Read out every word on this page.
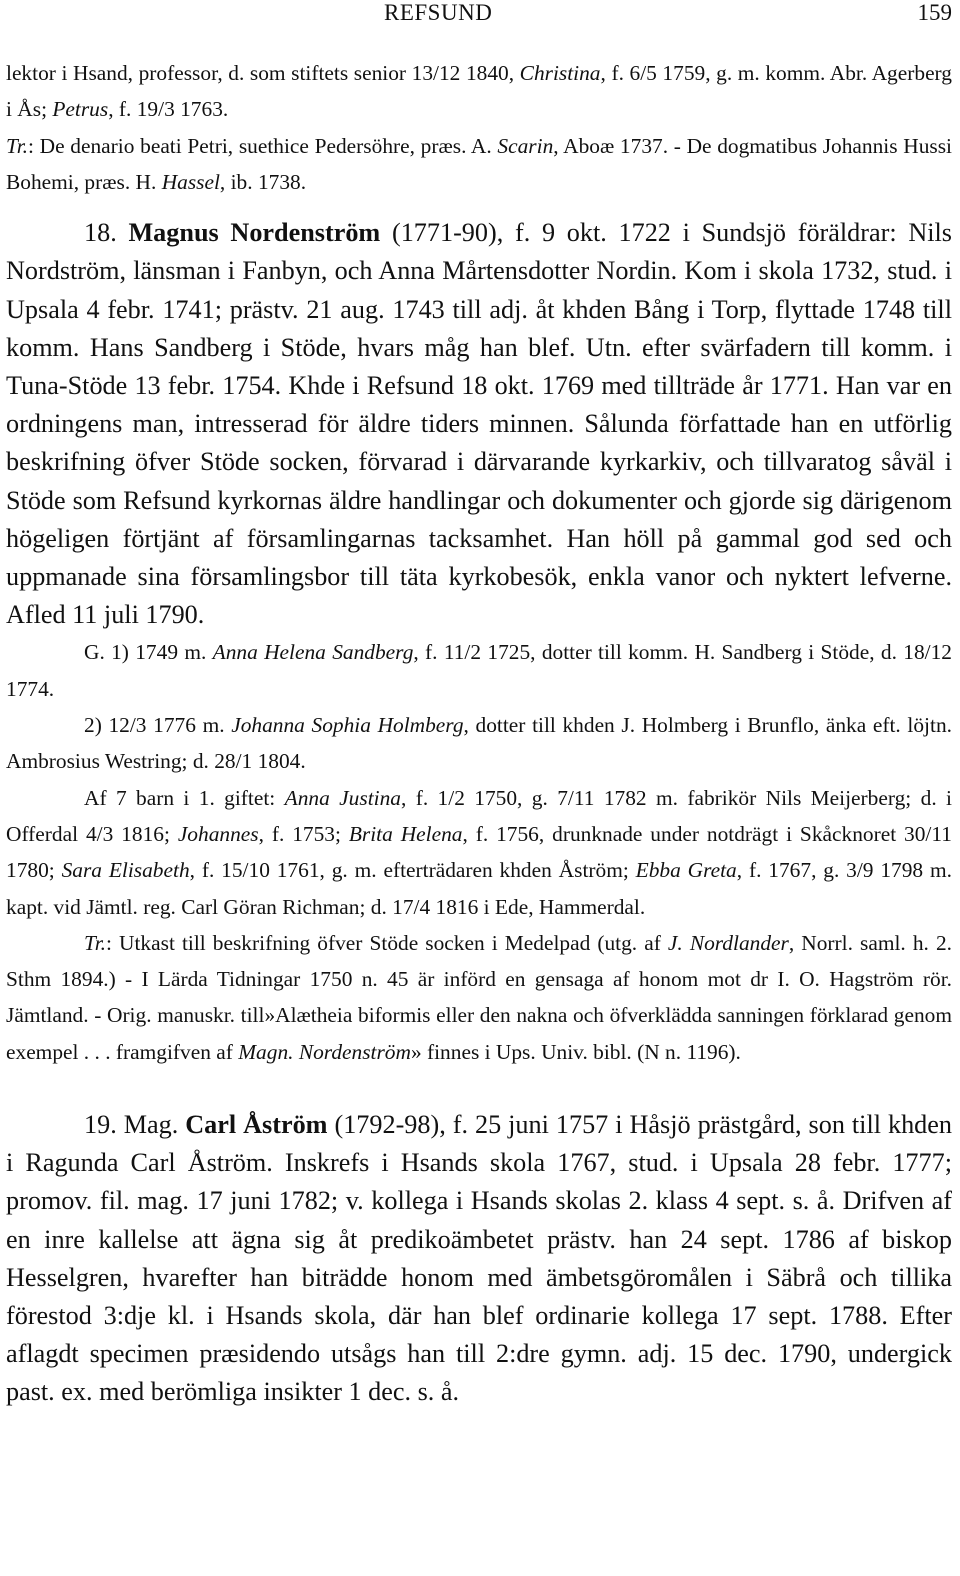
REFSUND	159

lektor i Hsand, professor, d. som stiftets senior 13/12 1840, Christina, f. 6/5 1759, g. m. komm. Abr. Agerberg i Ås; Petrus, f. 19/3 1763.

Tr.: De denario beati Petri, suethice Pedersöhre, præs. A. Scarin, Aboæ 1737. - De dogmatibus Johannis Hussi Bohemi, præs. H. Hassel, ib. 1738.

18. Magnus Nordenström (1771-90), f. 9 okt. 1722 i Sundsjö föräldrar: Nils Nordström, länsman i Fanbyn, och Anna Mårtensdotter Nordin. Kom i skola 1732, stud. i Upsala 4 febr. 1741; prästv. 21 aug. 1743 till adj. åt khden Bång i Torp, flyttade 1748 till komm. Hans Sandberg i Stöde, hvars måg han blef. Utn. efter svärfadern till komm. i Tuna-Stöde 13 febr. 1754. Khde i Refsund 18 okt. 1769 med tillträde år 1771. Han var en ordningens man, intresserad för äldre tiders minnen. Sålunda författade han en utförlig beskrifning öfver Stöde socken, förvarad i därvarande kyrkarkiv, och tillvaratog såväl i Stöde som Refsund kyrkornas äldre handlingar och dokumenter och gjorde sig därigenom högeligen förtjänt af församlingarnas tacksamhet. Han höll på gammal god sed och uppmanade sina församlingsbor till täta kyrkobesök, enkla vanor och nyktert lefverne. Afled 11 juli 1790.

G. 1) 1749 m. Anna Helena Sandberg, f. 11/2 1725, dotter till komm. H. Sandberg i Stöde, d. 18/12 1774.

2) 12/3 1776 m. Johanna Sophia Holmberg, dotter till khden J. Holmberg i Brunflo, änka eft. löjtn. Ambrosius Westring; d. 28/1 1804.

Af 7 barn i 1. giftet: Anna Justina, f. 1/2 1750, g. 7/11 1782 m. fabrikör Nils Meijerberg; d. i Offerdal 4/3 1816; Johannes, f. 1753; Brita Helena, f. 1756, drunknade under notdrägt i Skåcknoret 30/11 1780; Sara Elisabeth, f. 15/10 1761, g. m. efterträdaren khden Åström; Ebba Greta, f. 1767, g. 3/9 1798 m. kapt. vid Jämtl. reg. Carl Göran Richman; d. 17/4 1816 i Ede, Hammerdal.

Tr.: Utkast till beskrifning öfver Stöde socken i Medelpad (utg. af J. Nordlander, Norrl. saml. h. 2. Sthm 1894.) - I Lärda Tidningar 1750 n. 45 är införd en gensaga af honom mot dr I. O. Hagström rör. Jämtland. - Orig. manuskr. till»Alætheia biformis eller den nakna och öfverklädda sanningen förklarad genom exempel . . . framgifven af Magn. Nordenström» finnes i Ups. Univ. bibl. (N n. 1196).

19. Mag. Carl Åström (1792-98), f. 25 juni 1757 i Håsjö prästgård, son till khden i Ragunda Carl Åström. Inskrefs i Hsands skola 1767, stud. i Upsala 28 febr. 1777; promov. fil. mag. 17 juni 1782; v. kollega i Hsands skolas 2. klass 4 sept. s. å. Drifven af en inre kallelse att ägna sig åt predikoämbetet prästv. han 24 sept. 1786 af biskop Hesselgren, hvarefter han biträdde honom med ämbetsgöromålen i Säbrå och tillika förestod 3:dje kl. i Hsands skola, där han blef ordinarie kollega 17 sept. 1788. Efter aflagdt specimen præsidendo utsågs han till 2:dre gymn. adj. 15 dec. 1790, undergick past. ex. med berömliga insikter 1 dec. s. å.
